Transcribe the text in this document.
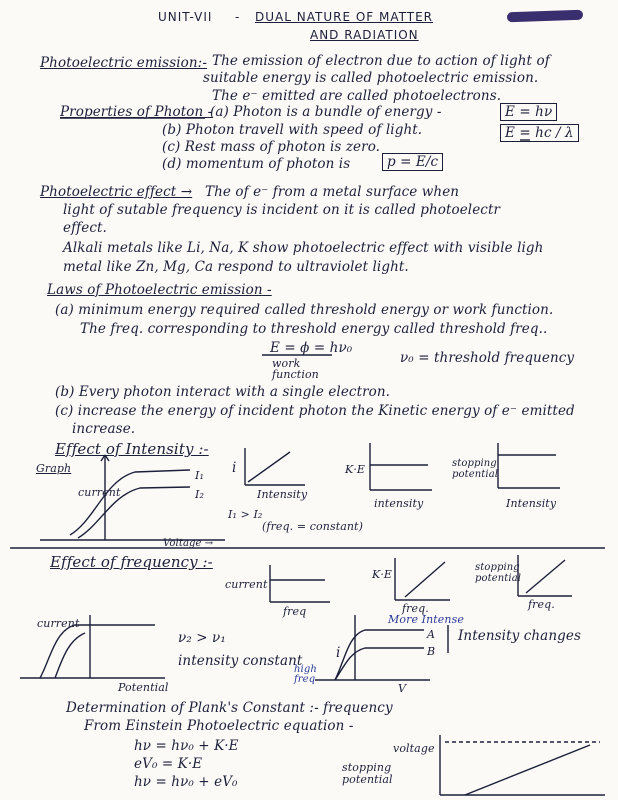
UNIT-VII - DUAL NATURE OF MATTER
AND RADIATION
Photoelectric emission:- The emission of electron due to action of light of
suitable energy is called photoelectric emission.
The e⁻ emitted are called photoelectrons.
Properties of Photon -
(a) Photon is a bundle of energy -	E = hν
(b) Photon travell with speed of light.	E = hc / λ
(c) Rest mass of photon is zero.
(d) momentum of photon is	p = E/c
Photoelectric effect → The of e⁻ from a metal surface when
light of sutable frequency is incident on it is called photoelectr
effect.
Alkali metals like Li, Na, K show photoelectric effect with visible ligh
metal like Zn, Mg, Ca respond to ultraviolet light.
Laws of Photoelectric emission -
(a) minimum energy required called threshold energy or work function.
The freq. corresponding to threshold energy called threshold freq..
E = ϕ = hν₀
work function
ν₀ = threshold frequency
(b) Every photon interact with a single electron.
(c) increase the energy of incident photon the Kinetic energy of e⁻ emitted
increase.
Effect of Intensity :-
Graph
current
I₁
I₂
Voltage →
I₁ > I₂
(freq. = constant)
i
Intensity
K·E
intensity
stopping potential
Intensity
Effect of frequency :-
current
freq
K·E
freq.
stopping potential
freq.
current
Potential
ν₂ > ν₁
intensity constant
More Intense
A
B
Intensity changes
i
high freq
V
Determination of Plank's Constant :- frequency
From Einstein Photoelectric equation -
hν = hν₀ + K·E
eV₀ = K·E
hν = hν₀ + eV₀
voltage
stopping potential
